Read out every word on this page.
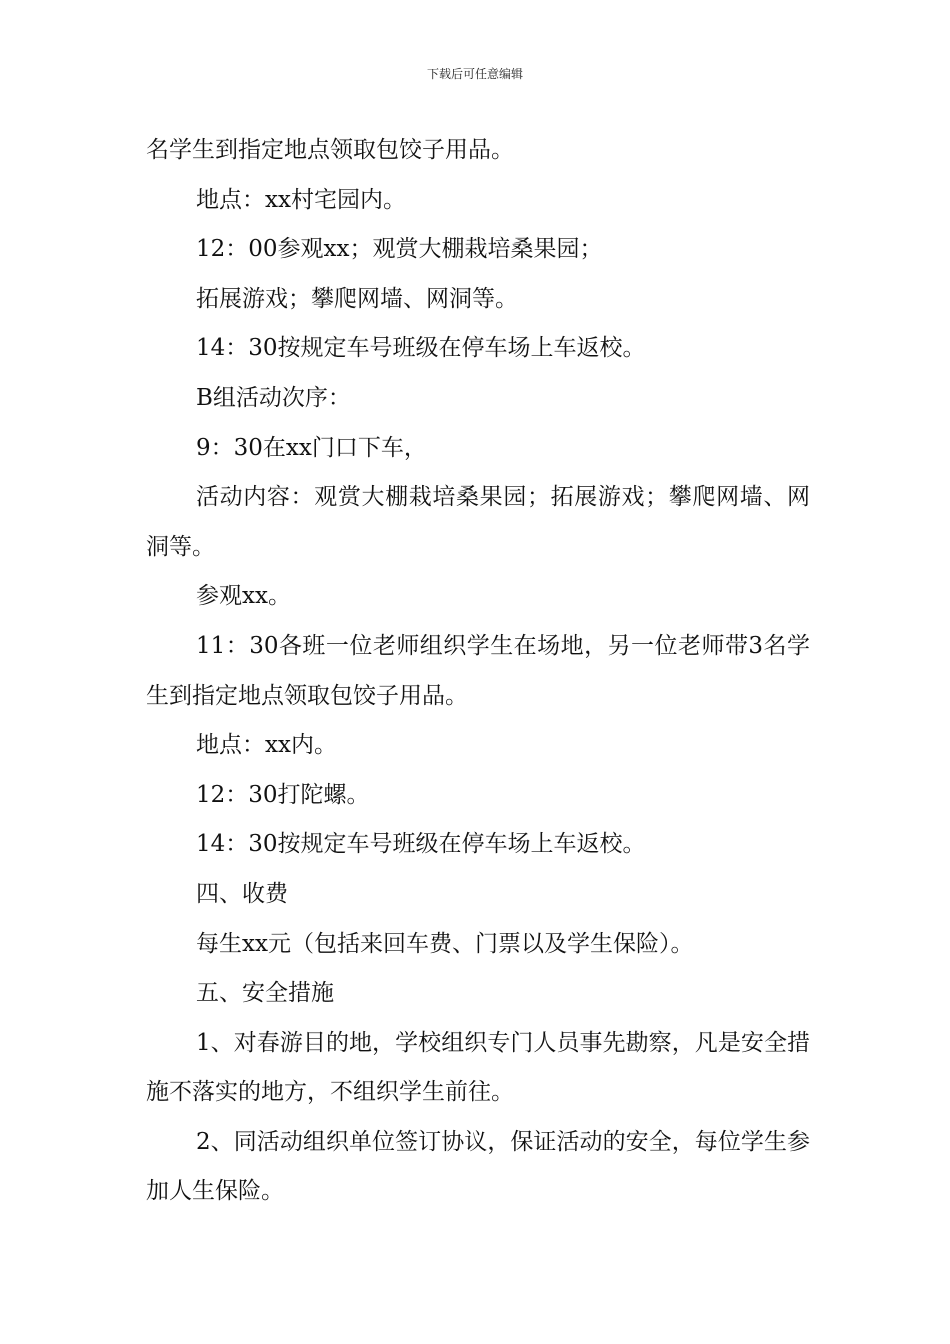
下载后可任意编辑

名学生到指定地点领取包饺子用品。

地点：xx村宅园内。

12：00参观xx；观赏大棚栽培桑果园；

拓展游戏；攀爬网墙、网洞等。

14：30按规定车号班级在停车场上车返校。

B组活动次序：

9：30在xx门口下车，

活动内容：观赏大棚栽培桑果园；拓展游戏；攀爬网墙、网洞等。

参观xx。

11：30各班一位老师组织学生在场地，另一位老师带3名学生到指定地点领取包饺子用品。

地点：xx内。

12：30打陀螺。

14：30按规定车号班级在停车场上车返校。

四、收费

每生xx元（包括来回车费、门票以及学生保险）。

五、安全措施

1、对春游目的地，学校组织专门人员事先勘察，凡是安全措施不落实的地方，不组织学生前往。

2、同活动组织单位签订协议，保证活动的安全，每位学生参加人生保险。
